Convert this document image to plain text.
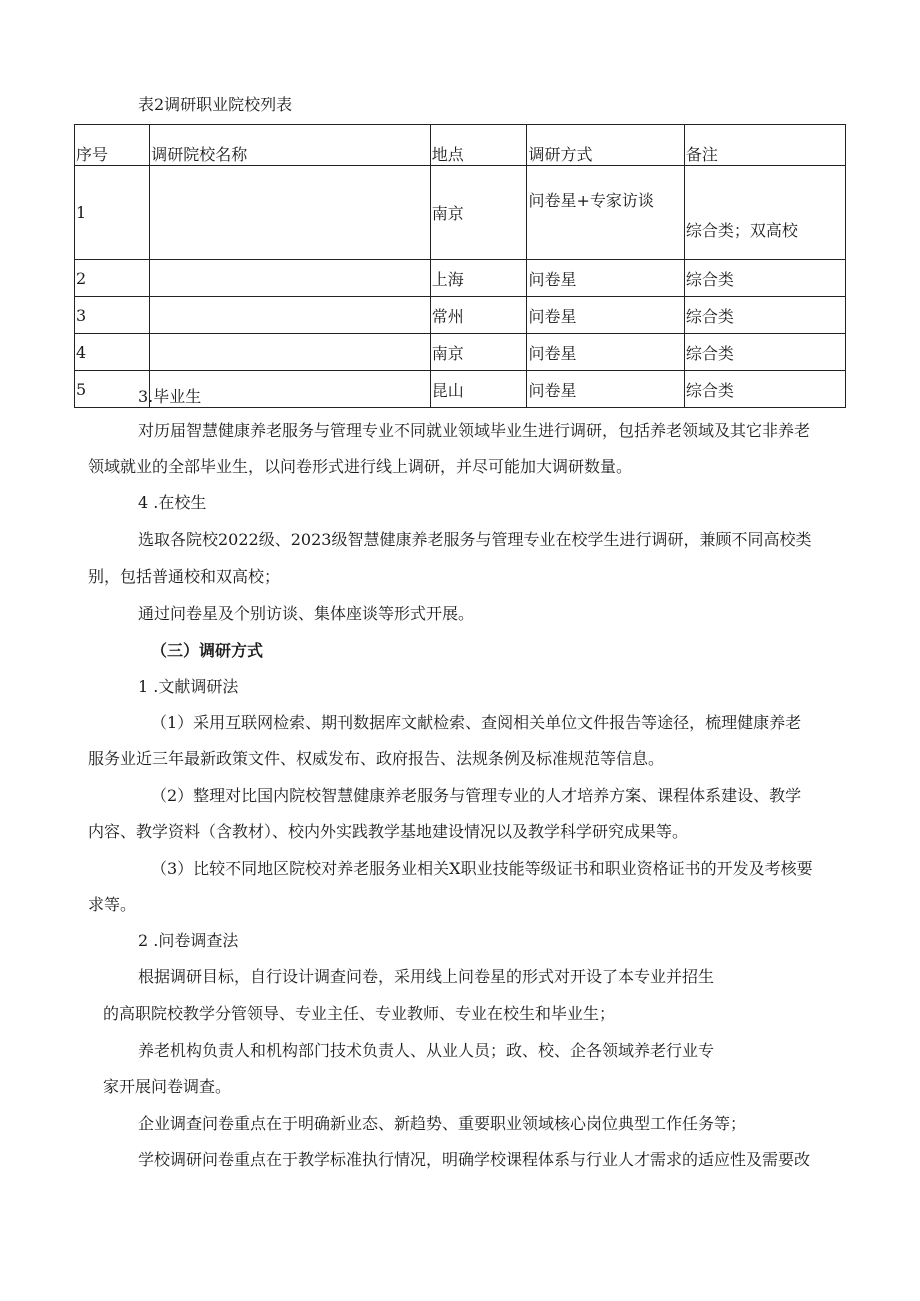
表2调研职业院校列表
序号	调研院校名称	地点	调研方式	备注
1		南京	问卷星+专家访谈	综合类；双高校
2		上海	问卷星	综合类
3		常州	问卷星	综合类
4		南京	问卷星	综合类
5		昆山	问卷星	综合类
3.毕业生
对历届智慧健康养老服务与管理专业不同就业领域毕业生进行调研，包括养老领域及其它非养老
领域就业的全部毕业生，以问卷形式进行线上调研，并尽可能加大调研数量。
4 .在校生
选取各院校2022级、2023级智慧健康养老服务与管理专业在校学生进行调研，兼顾不同高校类
别，包括普通校和双高校；
通过问卷星及个别访谈、集体座谈等形式开展。
（三）调研方式
1 .文献调研法
（1）采用互联网检索、期刊数据库文献检索、查阅相关单位文件报告等途径，梳理健康养老
服务业近三年最新政策文件、权威发布、政府报告、法规条例及标准规范等信息。
（2）整理对比国内院校智慧健康养老服务与管理专业的人才培养方案、课程体系建设、教学
内容、教学资料（含教材）、校内外实践教学基地建设情况以及教学科学研究成果等。
（3）比较不同地区院校对养老服务业相关X职业技能等级证书和职业资格证书的开发及考核要
求等。
2 .问卷调查法
根据调研目标，自行设计调查问卷，采用线上问卷星的形式对开设了本专业并招生
的高职院校教学分管领导、专业主任、专业教师、专业在校生和毕业生；
养老机构负责人和机构部门技术负责人、从业人员；政、校、企各领域养老行业专
家开展问卷调查。
企业调查问卷重点在于明确新业态、新趋势、重要职业领域核心岗位典型工作任务等；
学校调研问卷重点在于教学标准执行情况，明确学校课程体系与行业人才需求的适应性及需要改
